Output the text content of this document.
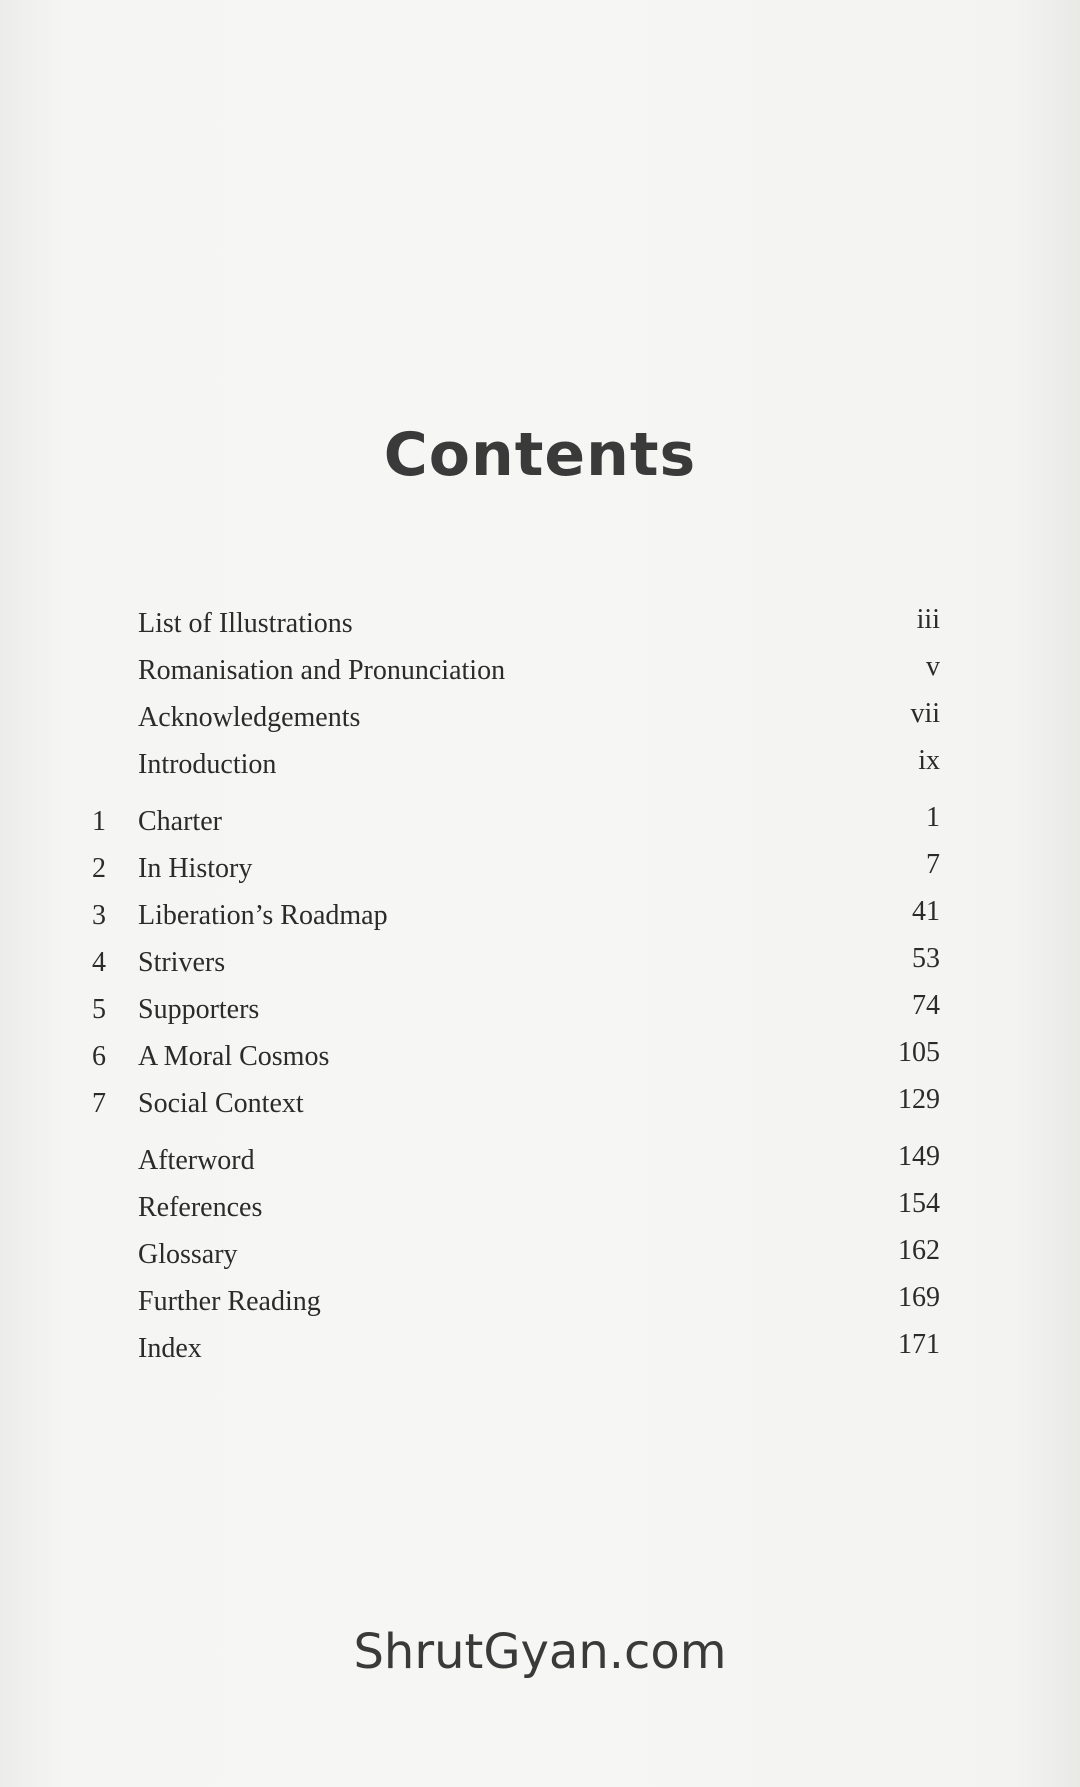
Contents
List of Illustrations	iii
Romanisation and Pronunciation	v
Acknowledgements	vii
Introduction	ix
1	Charter	1
2	In History	7
3	Liberation’s Roadmap	41
4	Strivers	53
5	Supporters	74
6	A Moral Cosmos	105
7	Social Context	129
Afterword	149
References	154
Glossary	162
Further Reading	169
Index	171
ShrutGyan.com
